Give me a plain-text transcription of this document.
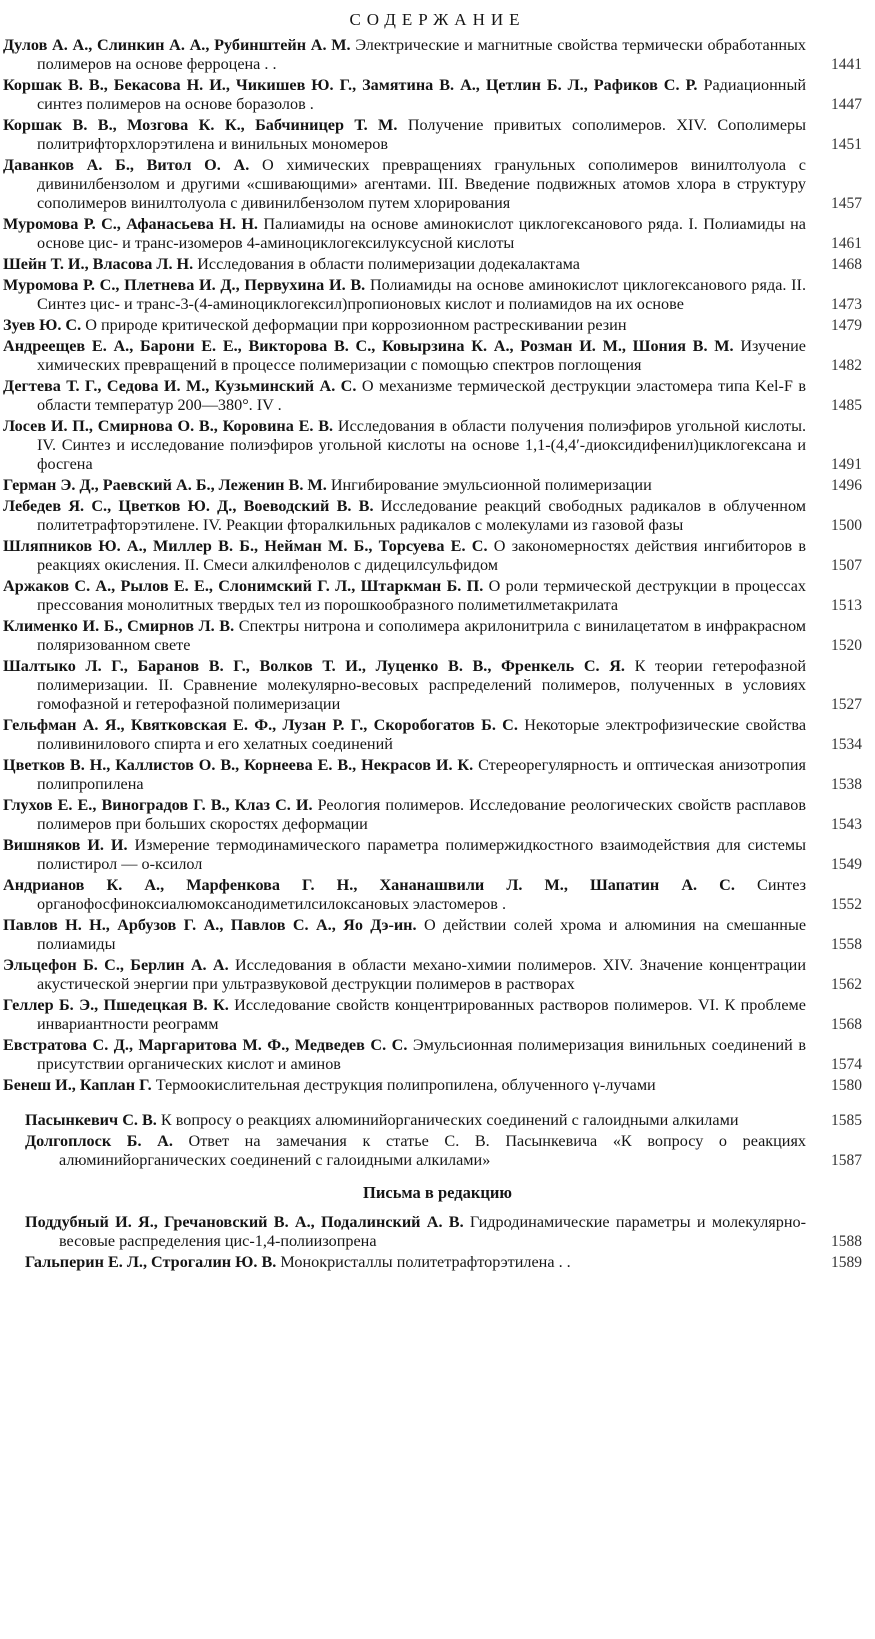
СОДЕРЖАНИЕ
Дулов А. А., Слинкин А. А., Рубинштейн А. М. Электрические и магнитные свойства термически обработанных полимеров на основе ферроцена . .	1441
Коршак В. В., Бекасова Н. И., Чикишев Ю. Г., Замятина В. А., Цетлин Б. Л., Рафиков С. Р. Радиационный синтез полимеров на основе боразолов .	1447
Коршак В. В., Мозгова К. К., Бабчиницер Т. М. Получение привитых сополимеров. XIV. Сополимеры политрифторхлорэтилена и винильных мономеров	1451
Даванков А. Б., Витол О. А. О химических превращениях гранульных сополимеров винилтолуола с дивинилбензолом и другими «сшивающими» агентами. III. Введение подвижных атомов хлора в структуру сополимеров винилтолуола с дивинилбензолом путем хлорирования	1457
Муромова Р. С., Афанасьева Н. Н. Палиамиды на основе аминокислот циклогексанового ряда. I. Полиамиды на основе цис- и транс-изомеров 4-аминоциклогексилуксусной кислоты	1461
Шейн Т. И., Власова Л. Н. Исследования в области полимеризации додекалактама	1468
Муромова Р. С., Плетнева И. Д., Первухина И. В. Полиамиды на основе аминокислот циклогексанового ряда. II. Синтез цис- и транс-3-(4-аминоциклогексил)пропионовых кислот и полиамидов на их основе	1473
Зуев Ю. С. О природе критической деформации при коррозионном растрескивании резин	1479
Андреещев Е. А., Барони Е. Е., Викторова В. С., Ковырзина К. А., Розман И. М., Шония В. М. Изучение химических превращений в процессе полимеризации с помощью спектров поглощения	1482
Дегтева Т. Г., Седова И. М., Кузьминский А. С. О механизме термической деструкции эластомера типа Kel-F в области температур 200—380°. IV .	1485
Лосев И. П., Смирнова О. В., Коровина Е. В. Исследования в области получения полиэфиров угольной кислоты. IV. Синтез и исследование полиэфиров угольной кислоты на основе 1,1-(4,4′-диоксидифенил)циклогексана и фосгена	1491
Герман Э. Д., Раевский А. Б., Леженин В. М. Ингибирование эмульсионной полимеризации	1496
Лебедев Я. С., Цветков Ю. Д., Воеводский В. В. Исследование реакций свободных радикалов в облученном политетрафторэтилене. IV. Реакции фторалкильных радикалов с молекулами из газовой фазы	1500
Шляпников Ю. А., Миллер В. Б., Нейман М. Б., Торсуева Е. С. О закономерностях действия ингибиторов в реакциях окисления. II. Смеси алкилфенолов с дидецилсульфидом	1507
Аржаков С. А., Рылов Е. Е., Слонимский Г. Л., Штаркман Б. П. О роли термической деструкции в процессах прессования монолитных твердых тел из порошкообразного полиметилметакрилата	1513
Клименко И. Б., Смирнов Л. В. Спектры нитрона и сополимера акрилонитрила с винилацетатом в инфракрасном поляризованном свете	1520
Шалтыко Л. Г., Баранов В. Г., Волков Т. И., Луценко В. В., Френкель С. Я. К теории гетерофазной полимеризации. II. Сравнение молекулярно-весовых распределений полимеров, полученных в условиях гомофазной и гетерофазной полимеризации	1527
Гельфман А. Я., Квятковская Е. Ф., Лузан Р. Г., Скоробогатов Б. С. Некоторые электрофизические свойства поливинилового спирта и его хелатных соединений	1534
Цветков В. Н., Каллистов О. В., Корнеева Е. В., Некрасов И. К. Стереорегулярность и оптическая анизотропия полипропилена	1538
Глухов Е. Е., Виноградов Г. В., Клаз С. И. Реология полимеров. Исследование реологических свойств расплавов полимеров при больших скоростях деформации	1543
Вишняков И. И. Измерение термодинамического параметра полимержидкостного взаимодействия для системы полистирол — о-ксилол	1549
Андрианов К. А., Марфенкова Г. Н., Хананашвили Л. М., Шапатин А. С. Синтез органофосфиноксиалюмоксанодиметилсилоксановых эластомеров .	1552
Павлов Н. Н., Арбузов Г. А., Павлов С. А., Яо Дэ-ин. О действии солей хрома и алюминия на смешанные полиамиды	1558
Эльцефон Б. С., Берлин А. А. Исследования в области механо-химии полимеров. XIV. Значение концентрации акустической энергии при ультразвуковой деструкции полимеров в растворах	1562
Геллер Б. Э., Пшедецкая В. К. Исследование свойств концентрированных растворов полимеров. VI. К проблеме инвариантности реограмм	1568
Евстратова С. Д., Маргаритова М. Ф., Медведев С. С. Эмульсионная полимеризация винильных соединений в присутствии органических кислот и аминов	1574
Бенеш И., Каплан Г. Термоокислительная деструкция полипропилена, облученного γ-лучами	1580
Пасынкевич С. В. К вопросу о реакциях алюминийорганических соединений с галоидными алкилами	1585
Долгоплоск Б. А. Ответ на замечания к статье С. В. Пасынкевича «К вопросу о реакциях алюминийорганических соединений с галоидными алкилами»	1587
Письма в редакцию
Поддубный И. Я., Гречановский В. А., Подалинский А. В. Гидродинамические параметры и молекулярно-весовые распределения цис-1,4-полиизопрена	1588
Гальперин Е. Л., Строгалин Ю. В. Монокристаллы политетрафторэтилена . .	1589
